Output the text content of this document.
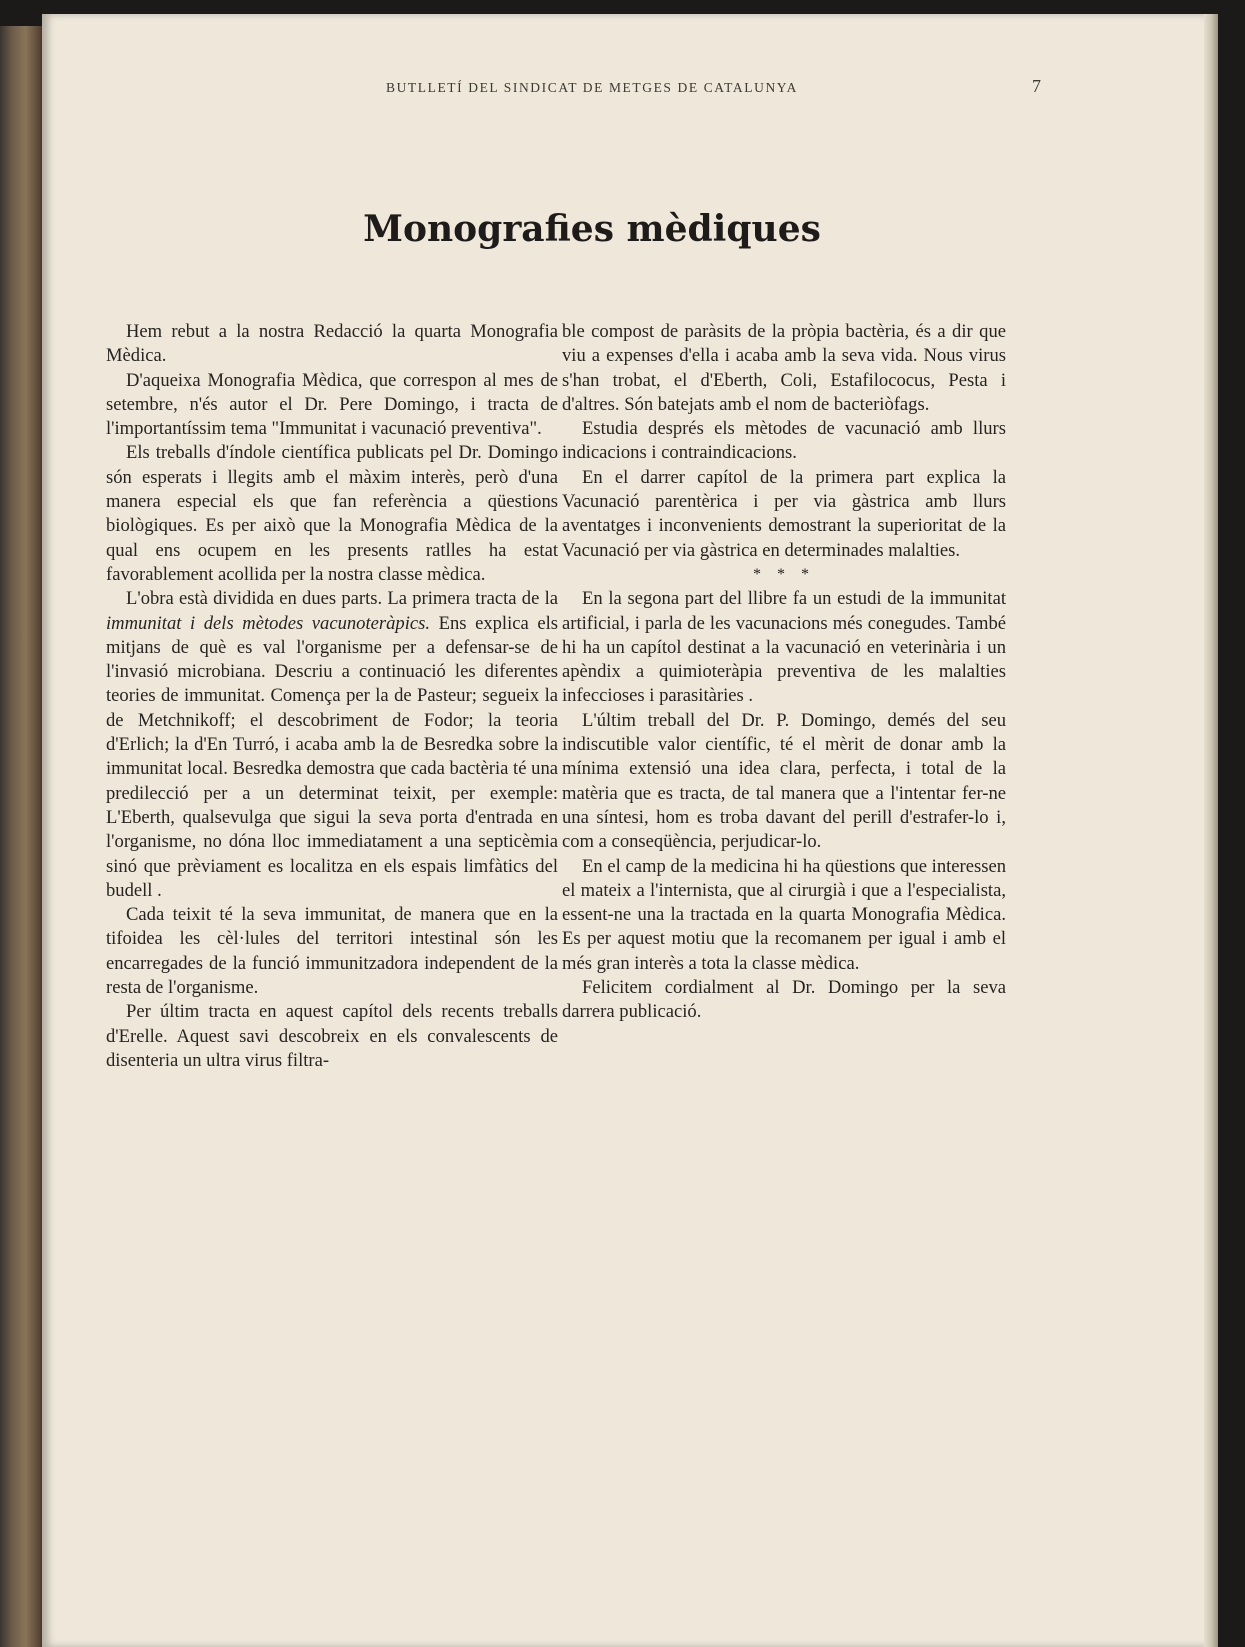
BUTLLETÍ DEL SINDICAT DE METGES DE CATALUNYA	7
Monografies mèdiques

Hem rebut a la nostra Redacció la quarta Monografia Mèdica.

D'aqueixa Monografia Mèdica, que correspon al mes de setembre, n'és autor el Dr. Pere Domingo, i tracta de l'importantíssim tema "Immunitat i vacunació preventiva".

Els treballs d'índole científica publicats pel Dr. Domingo són esperats i llegits amb el màxim interès, però d'una manera especial els que fan referència a qüestions biològiques. Es per això que la Monografia Mèdica de la qual ens ocupem en les presents ratlles ha estat favorablement acollida per la nostra classe mèdica.

L'obra està dividida en dues parts. La primera tracta de la immunitat i dels mètodes vacunoteràpics. Ens explica els mitjans de què es val l'organisme per a defensar-se de l'invasió microbiana. Descriu a continuació les diferentes teories de immunitat. Comença per la de Pasteur; segueix la de Metchnikoff; el descobriment de Fodor; la teoria d'Erlich; la d'En Turró, i acaba amb la de Besredka sobre la immunitat local. Besredka demostra que cada bactèria té una predilecció per a un determinat teixit, per exemple: L'Eberth, qualsevulga que sigui la seva porta d'entrada en l'organisme, no dóna lloc immediatament a una septicèmia sinó que prèviament es localitza en els espais limfàtics del budell .

Cada teixit té la seva immunitat, de manera que en la tifoidea les cèl·lules del territori intestinal són les encarregades de la funció immunitzadora independent de la resta de l'organisme.

Per últim tracta en aquest capítol dels recents treballs d'Erelle. Aquest savi descobreix en els convalescents de disenteria un ultra virus filtra-

ble compost de paràsits de la pròpia bactèria, és a dir que viu a expenses d'ella i acaba amb la seva vida. Nous virus s'han trobat, el d'Eberth, Coli, Estafilococus, Pesta i d'altres. Són batejats amb el nom de bacteriòfags.

Estudia després els mètodes de vacunació amb llurs indicacions i contraindicacions.

En el darrer capítol de la primera part explica la Vacunació parentèrica i per via gàstrica amb llurs aventatges i inconvenients demostrant la superioritat de la Vacunació per via gàstrica en determinades malalties.

* * *

En la segona part del llibre fa un estudi de la immunitat artificial, i parla de les vacunacions més conegudes. També hi ha un capítol destinat a la vacunació en veterinària i un apèndix a quimioteràpia preventiva de les malalties infeccioses i parasitàries .

L'últim treball del Dr. P. Domingo, demés del seu indiscutible valor científic, té el mèrit de donar amb la mínima extensió una idea clara, perfecta, i total de la matèria que es tracta, de tal manera que a l'intentar fer-ne una síntesi, hom es troba davant del perill d'estrafer-lo i, com a conseqüència, perjudicar-lo.

En el camp de la medicina hi ha qüestions que interessen el mateix a l'internista, que al cirurgià i que a l'especialista, essent-ne una la tractada en la quarta Monografia Mèdica. Es per aquest motiu que la recomanem per igual i amb el més gran interès a tota la classe mèdica.

Felicitem cordialment al Dr. Domingo per la seva darrera publicació.
